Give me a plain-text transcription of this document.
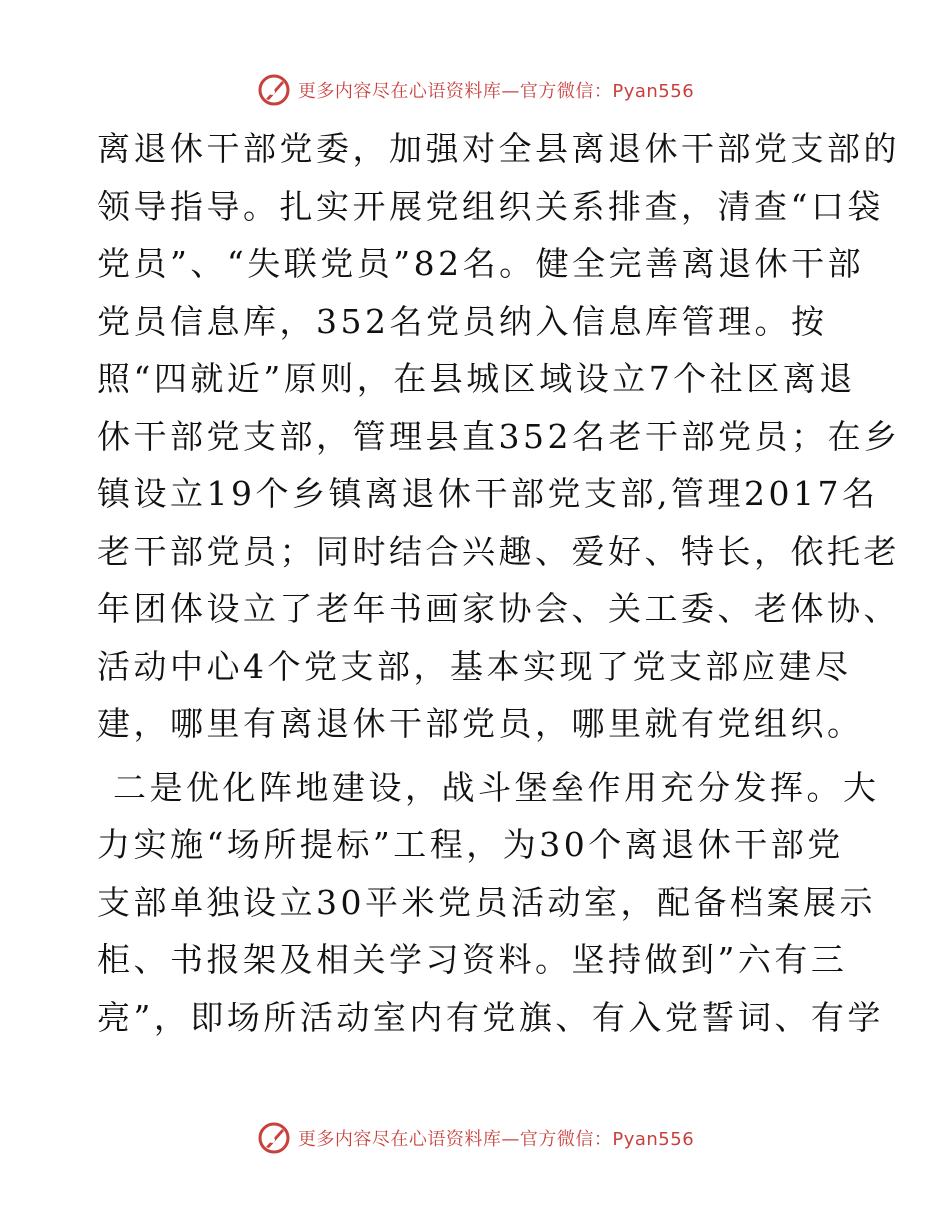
更多内容尽在心语资料库—官方微信：Pyan556
离退休干部党委，加强对全县离退休干部党支部的
领导指导。扎实开展党组织关系排查，清查“口袋
党员”、“失联党员”82名。健全完善离退休干部
党员信息库，352名党员纳入信息库管理。按
照“四就近”原则，在县城区域设立7个社区离退
休干部党支部，管理县直352名老干部党员；在乡
镇设立19个乡镇离退休干部党支部,管理2017名
老干部党员；同时结合兴趣、爱好、特长，依托老
年团体设立了老年书画家协会、关工委、老体协、
活动中心4个党支部，基本实现了党支部应建尽
建，哪里有离退休干部党员，哪里就有党组织。
二是优化阵地建设，战斗堡垒作用充分发挥。大
力实施“场所提标”工程，为30个离退休干部党
支部单独设立30平米党员活动室，配备档案展示
柜、书报架及相关学习资料。坚持做到”六有三
亮”，即场所活动室内有党旗、有入党誓词、有学
更多内容尽在心语资料库—官方微信：Pyan556
